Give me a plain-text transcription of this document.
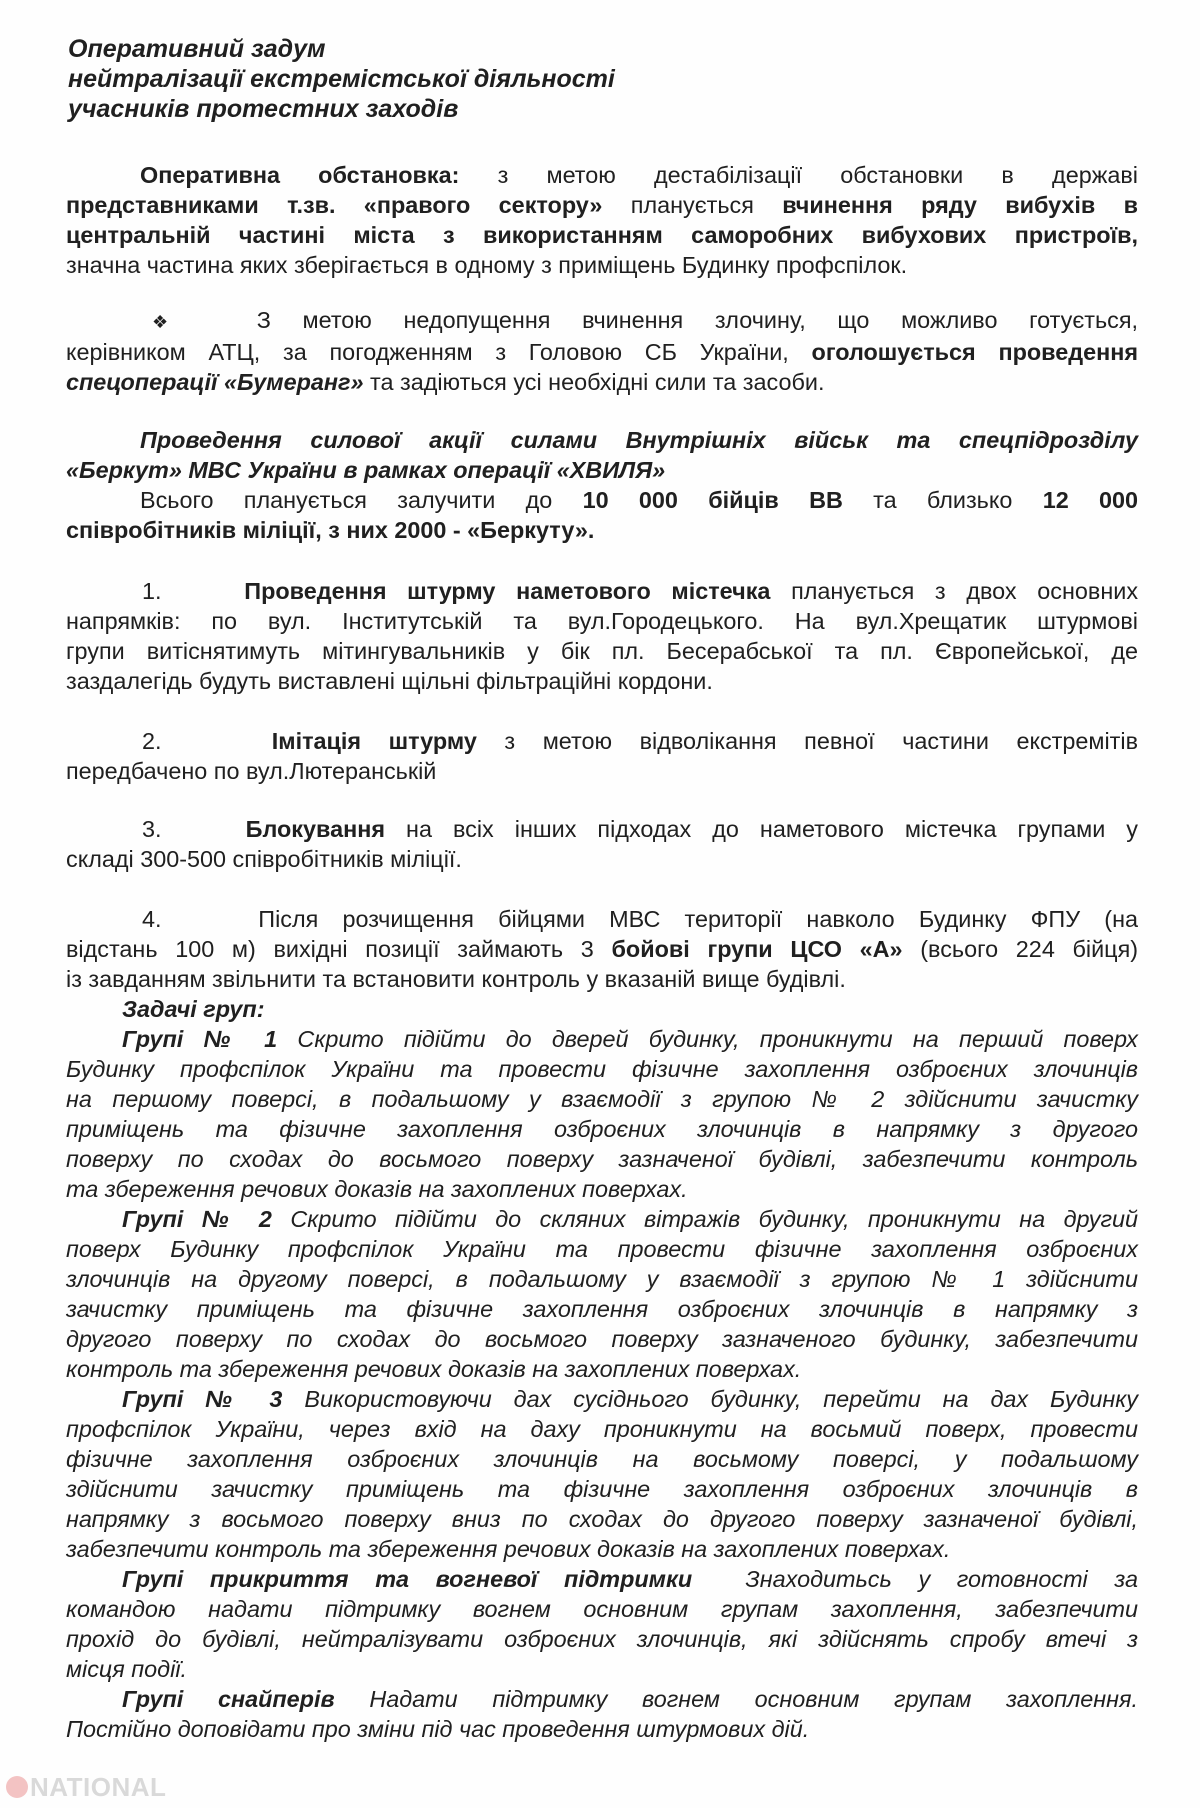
Оперативний задум
нейтралізації екстремістської діяльності
учасників протестних заходів
Оперативна обстановка: з метою дестабілізації обстановки в державі
представниками т.зв. «правого сектору» планується вчинення ряду вибухів в
центральній частині міста з використанням саморобних вибухових пристроїв,
значна частина яких зберігається в одному з приміщень Будинку профспілок.
❖	З метою недопущення вчинення злочину, що можливо готується,
керівником АТЦ, за погодженням з Головою СБ України, оголошується проведення
спецоперації «Бумеранг» та задіються усі необхідні сили та засоби.
Проведення силової акції силами Внутрішніх військ та спецпідрозділу
«Беркут» МВС України в рамках операції «ХВИЛЯ»
Всього планується залучити до 10 000 бійців ВВ та близько 12 000
співробітників міліції, з них 2000 - «Беркуту».
1.	Проведення штурму наметового містечка планується з двох основних
напрямків: по вул. Інститутській та вул.Городецького. На вул.Хрещатик штурмові
групи витіснятимуть мітингувальників у бік пл. Бесерабської та пл. Європейської, де
заздалегідь будуть виставлені щільні фільтраційні кордони.
2.	Імітація штурму з метою відволікання певної частини екстремітів
передбачено по вул.Лютеранській
3.	Блокування на всіх інших підходах до наметового містечка групами у
складі 300-500 співробітників міліції.
4.	Після розчищення бійцями МВС території навколо Будинку ФПУ (на
відстань 100 м) вихідні позиції займають 3 бойові групи ЦСО «А» (всього 224 бійця)
із завданням звільнити та встановити контроль у вказаній вище будівлі.
Задачі груп:
Групі № 1 Скрито підійти до дверей будинку, проникнути на перший поверх
Будинку профспілок України та провести фізичне захоплення озброєних злочинців
на першому поверсі, в подальшому у взаємодії з групою № 2 здійснити зачистку
приміщень та фізичне захоплення озброєних злочинців в напрямку з другого
поверху по сходах до восьмого поверху зазначеної будівлі, забезпечити контроль
та збереження речових доказів на захоплених поверхах.
Групі № 2 Скрито підійти до скляних вітражів будинку, проникнути на другий
поверх Будинку профспілок України та провести фізичне захоплення озброєних
злочинців на другому поверсі, в подальшому у взаємодії з групою № 1 здійснити
зачистку приміщень та фізичне захоплення озброєних злочинців в напрямку з
другого поверху по сходах до восьмого поверху зазначеного будинку, забезпечити
контроль та збереження речових доказів на захоплених поверхах.
Групі № 3 Використовуючи дах сусіднього будинку, перейти на дах Будинку
профспілок України, через вхід на даху проникнути на восьмий поверх, провести
фізичне захоплення озброєних злочинців на восьмому поверсі, у подальшому
здійснити зачистку приміщень та фізичне захоплення озброєних злочинців в
напрямку з восьмого поверху вниз по сходах до другого поверху зазначеної будівлі,
забезпечити контроль та збереження речових доказів на захоплених поверхах.
Групі прикриття та вогневої підтримки Знаходитьсь у готовності за
командою надати підтримку вогнем основним групам захоплення, забезпечити
прохід до будівлі, нейтралізувати озброєних злочинців, які здійснять спробу втечі з
місця події.
Групі снайперів Надати підтримку вогнем основним групам захоплення.
Постійно доповідати про зміни під час проведення штурмових дій.
NATIONAL
